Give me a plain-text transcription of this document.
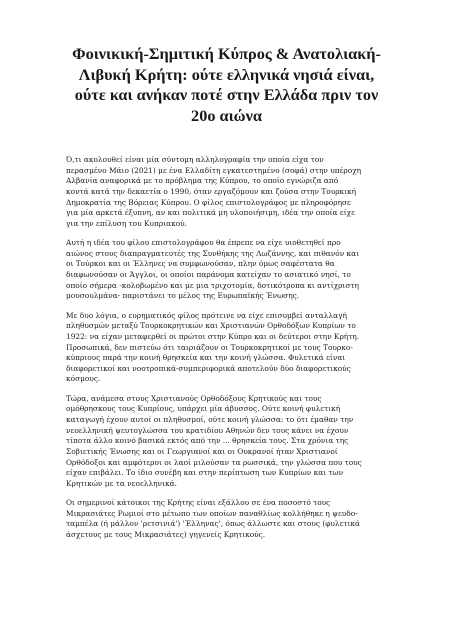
Φοινικική-Σημιτική Κύπρος & Ανατολιακή-
Λιβυκή Κρήτη: ούτε ελληνικά νησιά είναι,
ούτε και ανήκαν ποτέ στην Ελλάδα πριν τον
20ο αιώνα

Ό,τι ακολουθεί είναι μία σύντομη αλληλογραφία την οποία είχα τον
περασμένο Μάιο (2021) με ένα Ελλαδίτη εγκατεστημένο (σοφά) στην υπέροχη
Αλβανία αναφορικά με το πρόβλημα της Κύπρου, το οποίο εγνώριζα από
κοντά κατά την δεκαετία ο 1990, όταν εργαζόμουν και ζούσα στην Τουρκική
Δημοκρατία της Βόρειας Κύπρου. Ο φίλος επιστολογράφος με πληροφόρησε
για μία αρκετά έξυπνη, αν και πολιτικά μη υλοποιήσιμη, ιδέα την οποία είχε
για την επίλυση του Κυπριακού.

Αυτή η ιδέα του φίλου επιστολογράφου θα έπρεπε να είχε υιοθετηθεί προ
αιώνος στους διαπραγματευτές της Συνθήκης της Λωζάννης, και πιθανόν και
οι Τούρκοι και οι Έλληνες να συμφωνούσαν, πλην όμως σαφέστατα θα
διαφωνούσαν οι Άγγλοι, οι οποίοι παράνομα κατείχαν το ασιατικό νησί, το
οποίο σήμερα -κολοβωμένο και με μια τριχοτομία, δοτικότροπα κι αντίχριστη
μουσουλμάνα- παριστάνει το μέλος της Ευρωπαϊκής Ένωσης.

Με δυο λόγια, ο ευρηματικός φίλος πρότεινε να είχε επισυμβεί ανταλλαγή
πληθυσμών μεταξύ Τουρκοκρητικών και Χριστιανών Ορθοδόξων Κυπρίων το
1922: να είχαν μεταφερθεί οι πρώτοι στην Κύπρο και οι δεύτεροι στην Κρήτη.
Προσωπικά, δεν πιστεύω ότι ταιριάζουν οι Τουρκοκρητικοί με τους Τουρκο-
κύπριους παρά την κοινή θρησκεία και την κοινή γλώσσα. Φυλετικά είναι
διαφορετικοί και νοοτροπικά-συμπεριφορικά αποτελούν δύο διαφορετικούς
κόσμους.

Τώρα, ανάμεσα στους Χριστιανούς Ορθοδόξους Κρητικούς και τους
ομόθρησκους τους Κυπρίους, υπάρχει μία άβυσσος. Ούτε κοινή φυλετική
καταγωγή έχουν αυτοί οι πληθυσμοί, ούτε κοινή γλώσσα: το ότι έμαθαν την
νεοελληνική ψευτογλώσσα του κρατιδίου Αθηνών δεν τους κάνει να έχουν
τίποτα άλλο κοινό βασικά εκτός από την ... θρησκεία τους. Στα χρόνια της
Σοβιετικής Ένωσης και οι Γεωργιανοί και οι Ουκρανοί ήταν Χριστιανοί
Ορθόδοξοι και αμφότεροι οι λαοί μιλούσαν τα ρωσσικά, την γλώσσα που τους
είχαν επιβάλει. Το ίδιο συνέβη και στην περίπτωση των Κυπρίων και των
Κρητικών με τα νεοελληνικά.

Οι σημερινοί κάτοικοι της Κρήτης είναι εξάλλου σε ένα ποσοστό τους
Μικρασιάτες Ρωμιοί στο μέτωπο των οποίων παναθλίως κολλήθηκε η ψευδο-
ταμπέλα (ή μάλλον 'ρετσινιά') 'Έλληνας', όπως άλλωστε και στους (φυλετικά
άσχετους με τους Μικρασιάτες) γηγενείς Κρητικούς.
